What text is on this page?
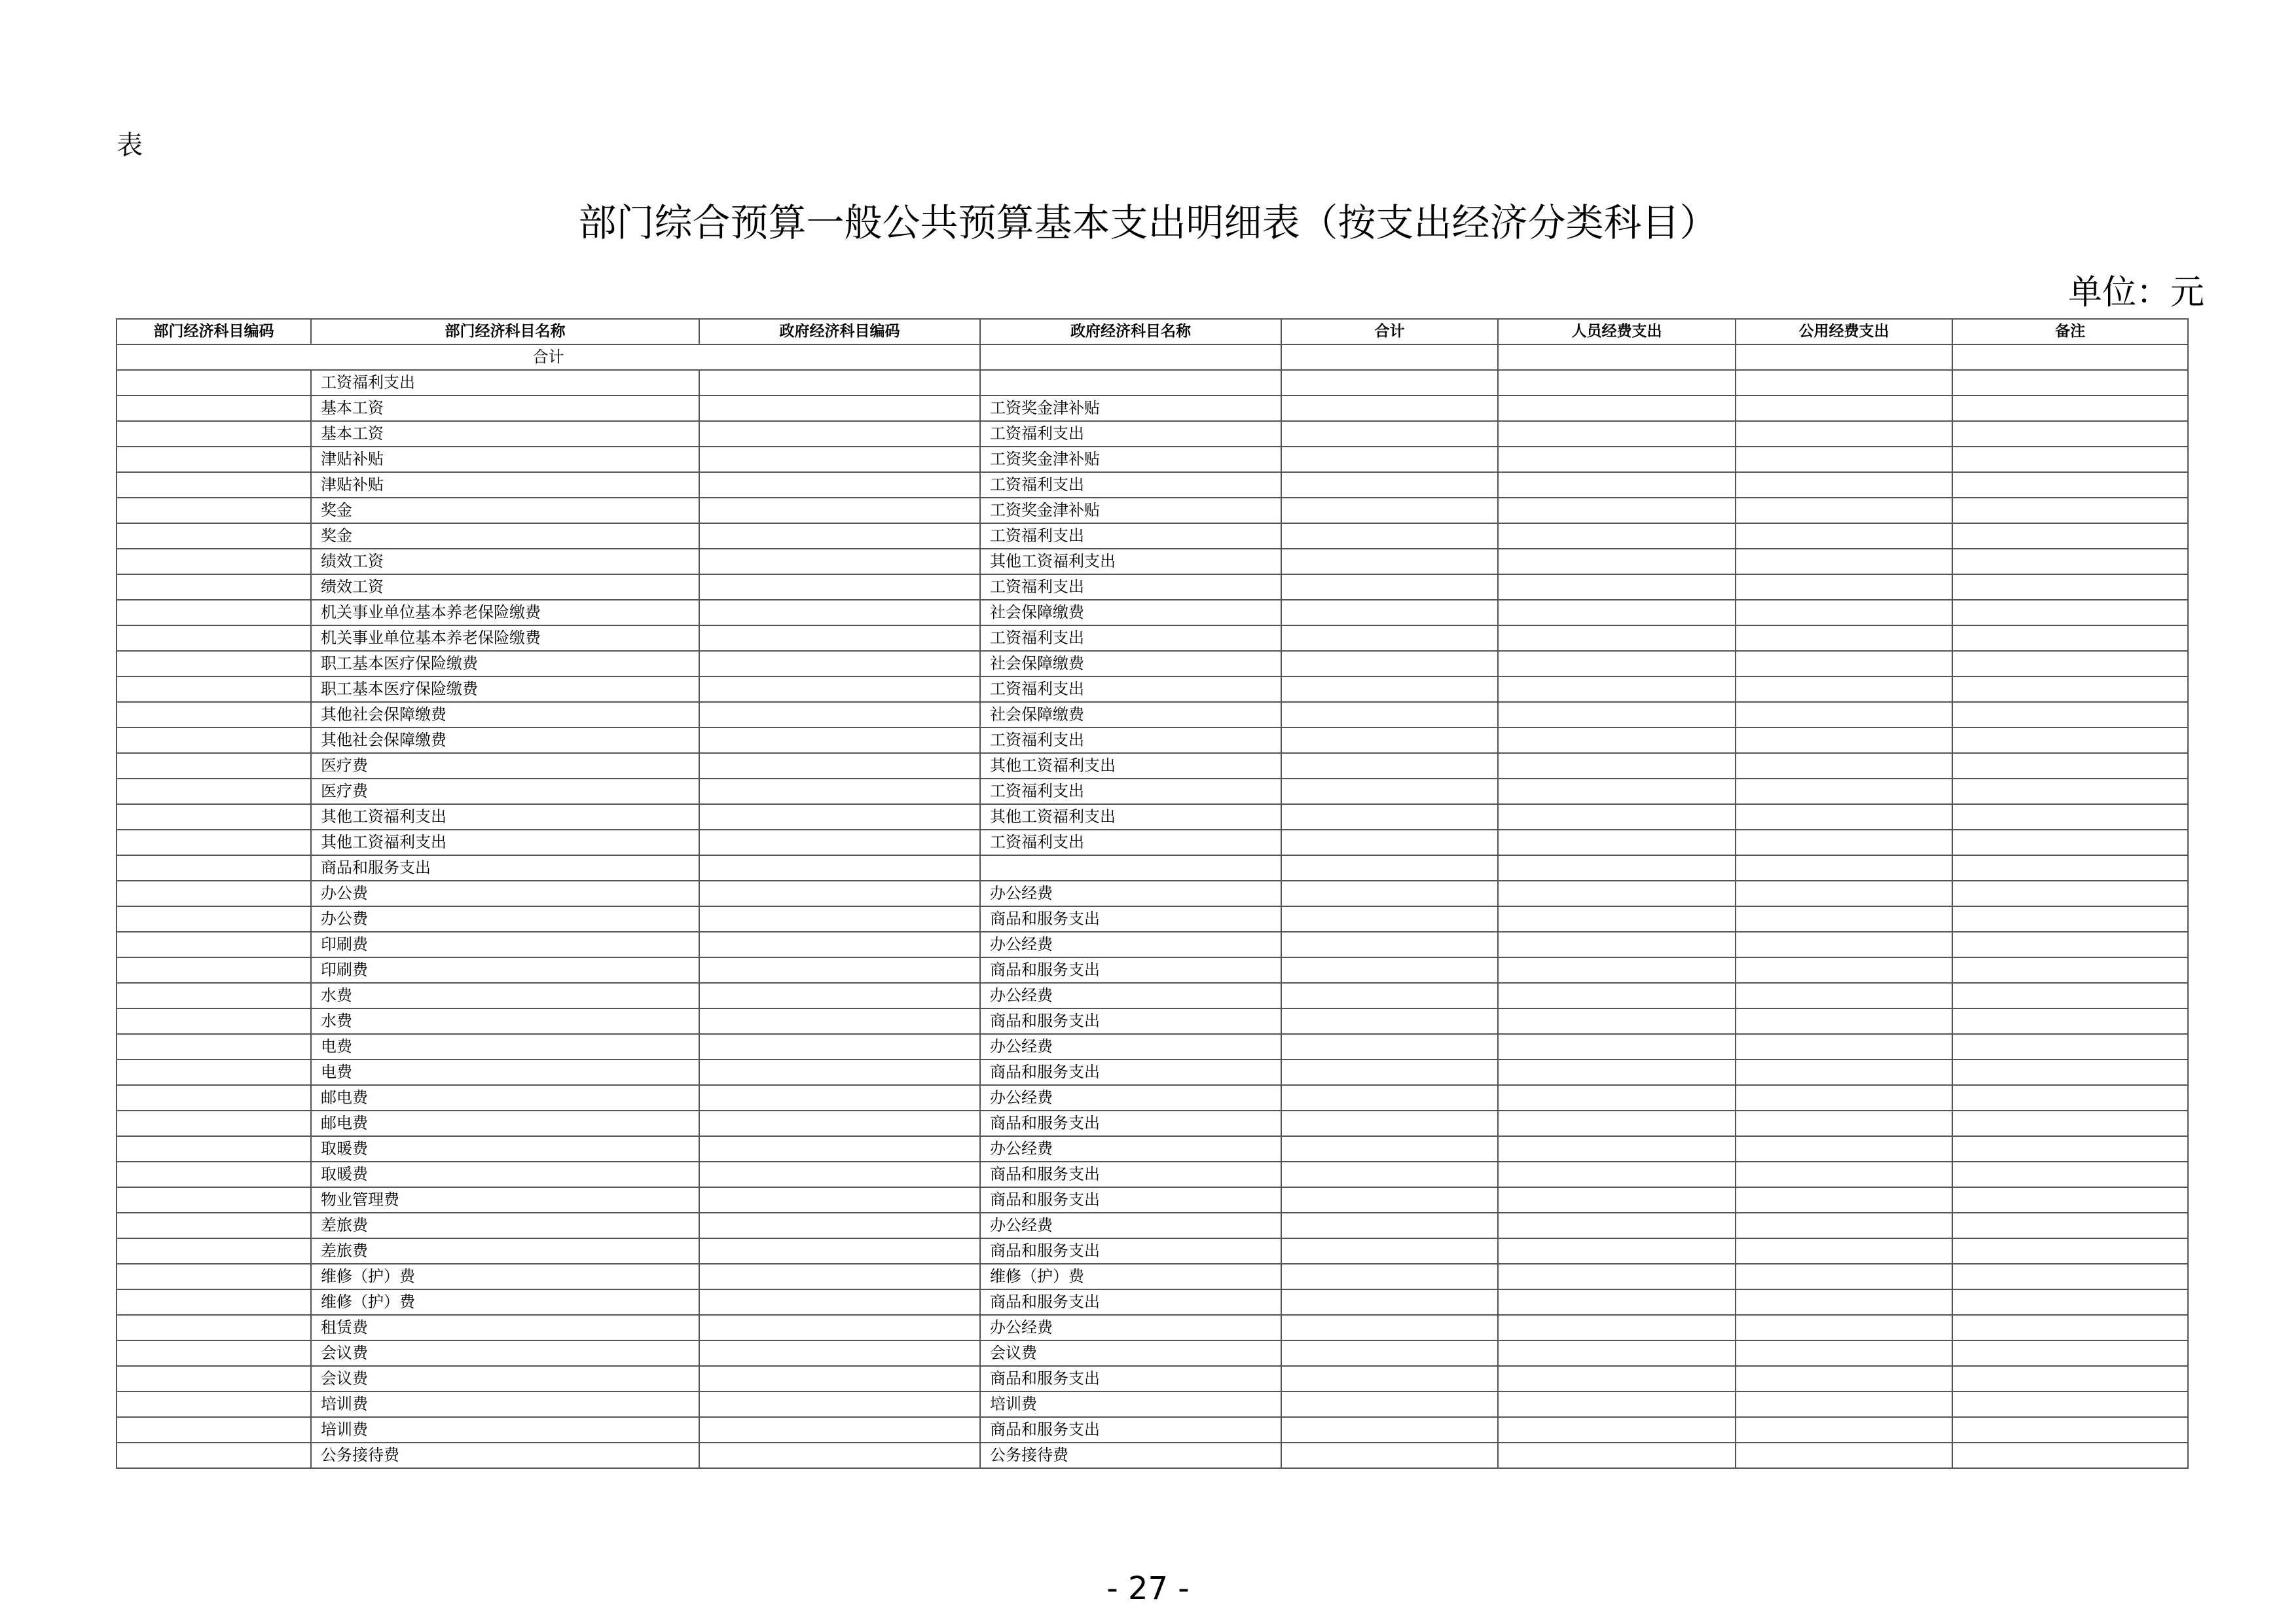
表
部门综合预算一般公共预算基本支出明细表（按支出经济分类科目）
单位：元
部门经济科目编码	部门经济科目名称	政府经济科目编码	政府经济科目名称	合计	人员经费支出	公用经费支出	备注
合计							
	工资福利支出						
	基本工资		工资奖金津补贴				
	基本工资		工资福利支出				
	津贴补贴		工资奖金津补贴				
	津贴补贴		工资福利支出				
	奖金		工资奖金津补贴				
	奖金		工资福利支出				
	绩效工资		其他工资福利支出				
	绩效工资		工资福利支出				
	机关事业单位基本养老保险缴费		社会保障缴费				
	机关事业单位基本养老保险缴费		工资福利支出				
	职工基本医疗保险缴费		社会保障缴费				
	职工基本医疗保险缴费		工资福利支出				
	其他社会保障缴费		社会保障缴费				
	其他社会保障缴费		工资福利支出				
	医疗费		其他工资福利支出				
	医疗费		工资福利支出				
	其他工资福利支出		其他工资福利支出				
	其他工资福利支出		工资福利支出				
	商品和服务支出						
	办公费		办公经费				
	办公费		商品和服务支出				
	印刷费		办公经费				
	印刷费		商品和服务支出				
	水费		办公经费				
	水费		商品和服务支出				
	电费		办公经费				
	电费		商品和服务支出				
	邮电费		办公经费				
	邮电费		商品和服务支出				
	取暖费		办公经费				
	取暖费		商品和服务支出				
	物业管理费		商品和服务支出				
	差旅费		办公经费				
	差旅费		商品和服务支出				
	维修（护）费		维修（护）费				
	维修（护）费		商品和服务支出				
	租赁费		办公经费				
	会议费		会议费				
	会议费		商品和服务支出				
	培训费		培训费				
	培训费		商品和服务支出				
	公务接待费		公务接待费				
- 27 -
